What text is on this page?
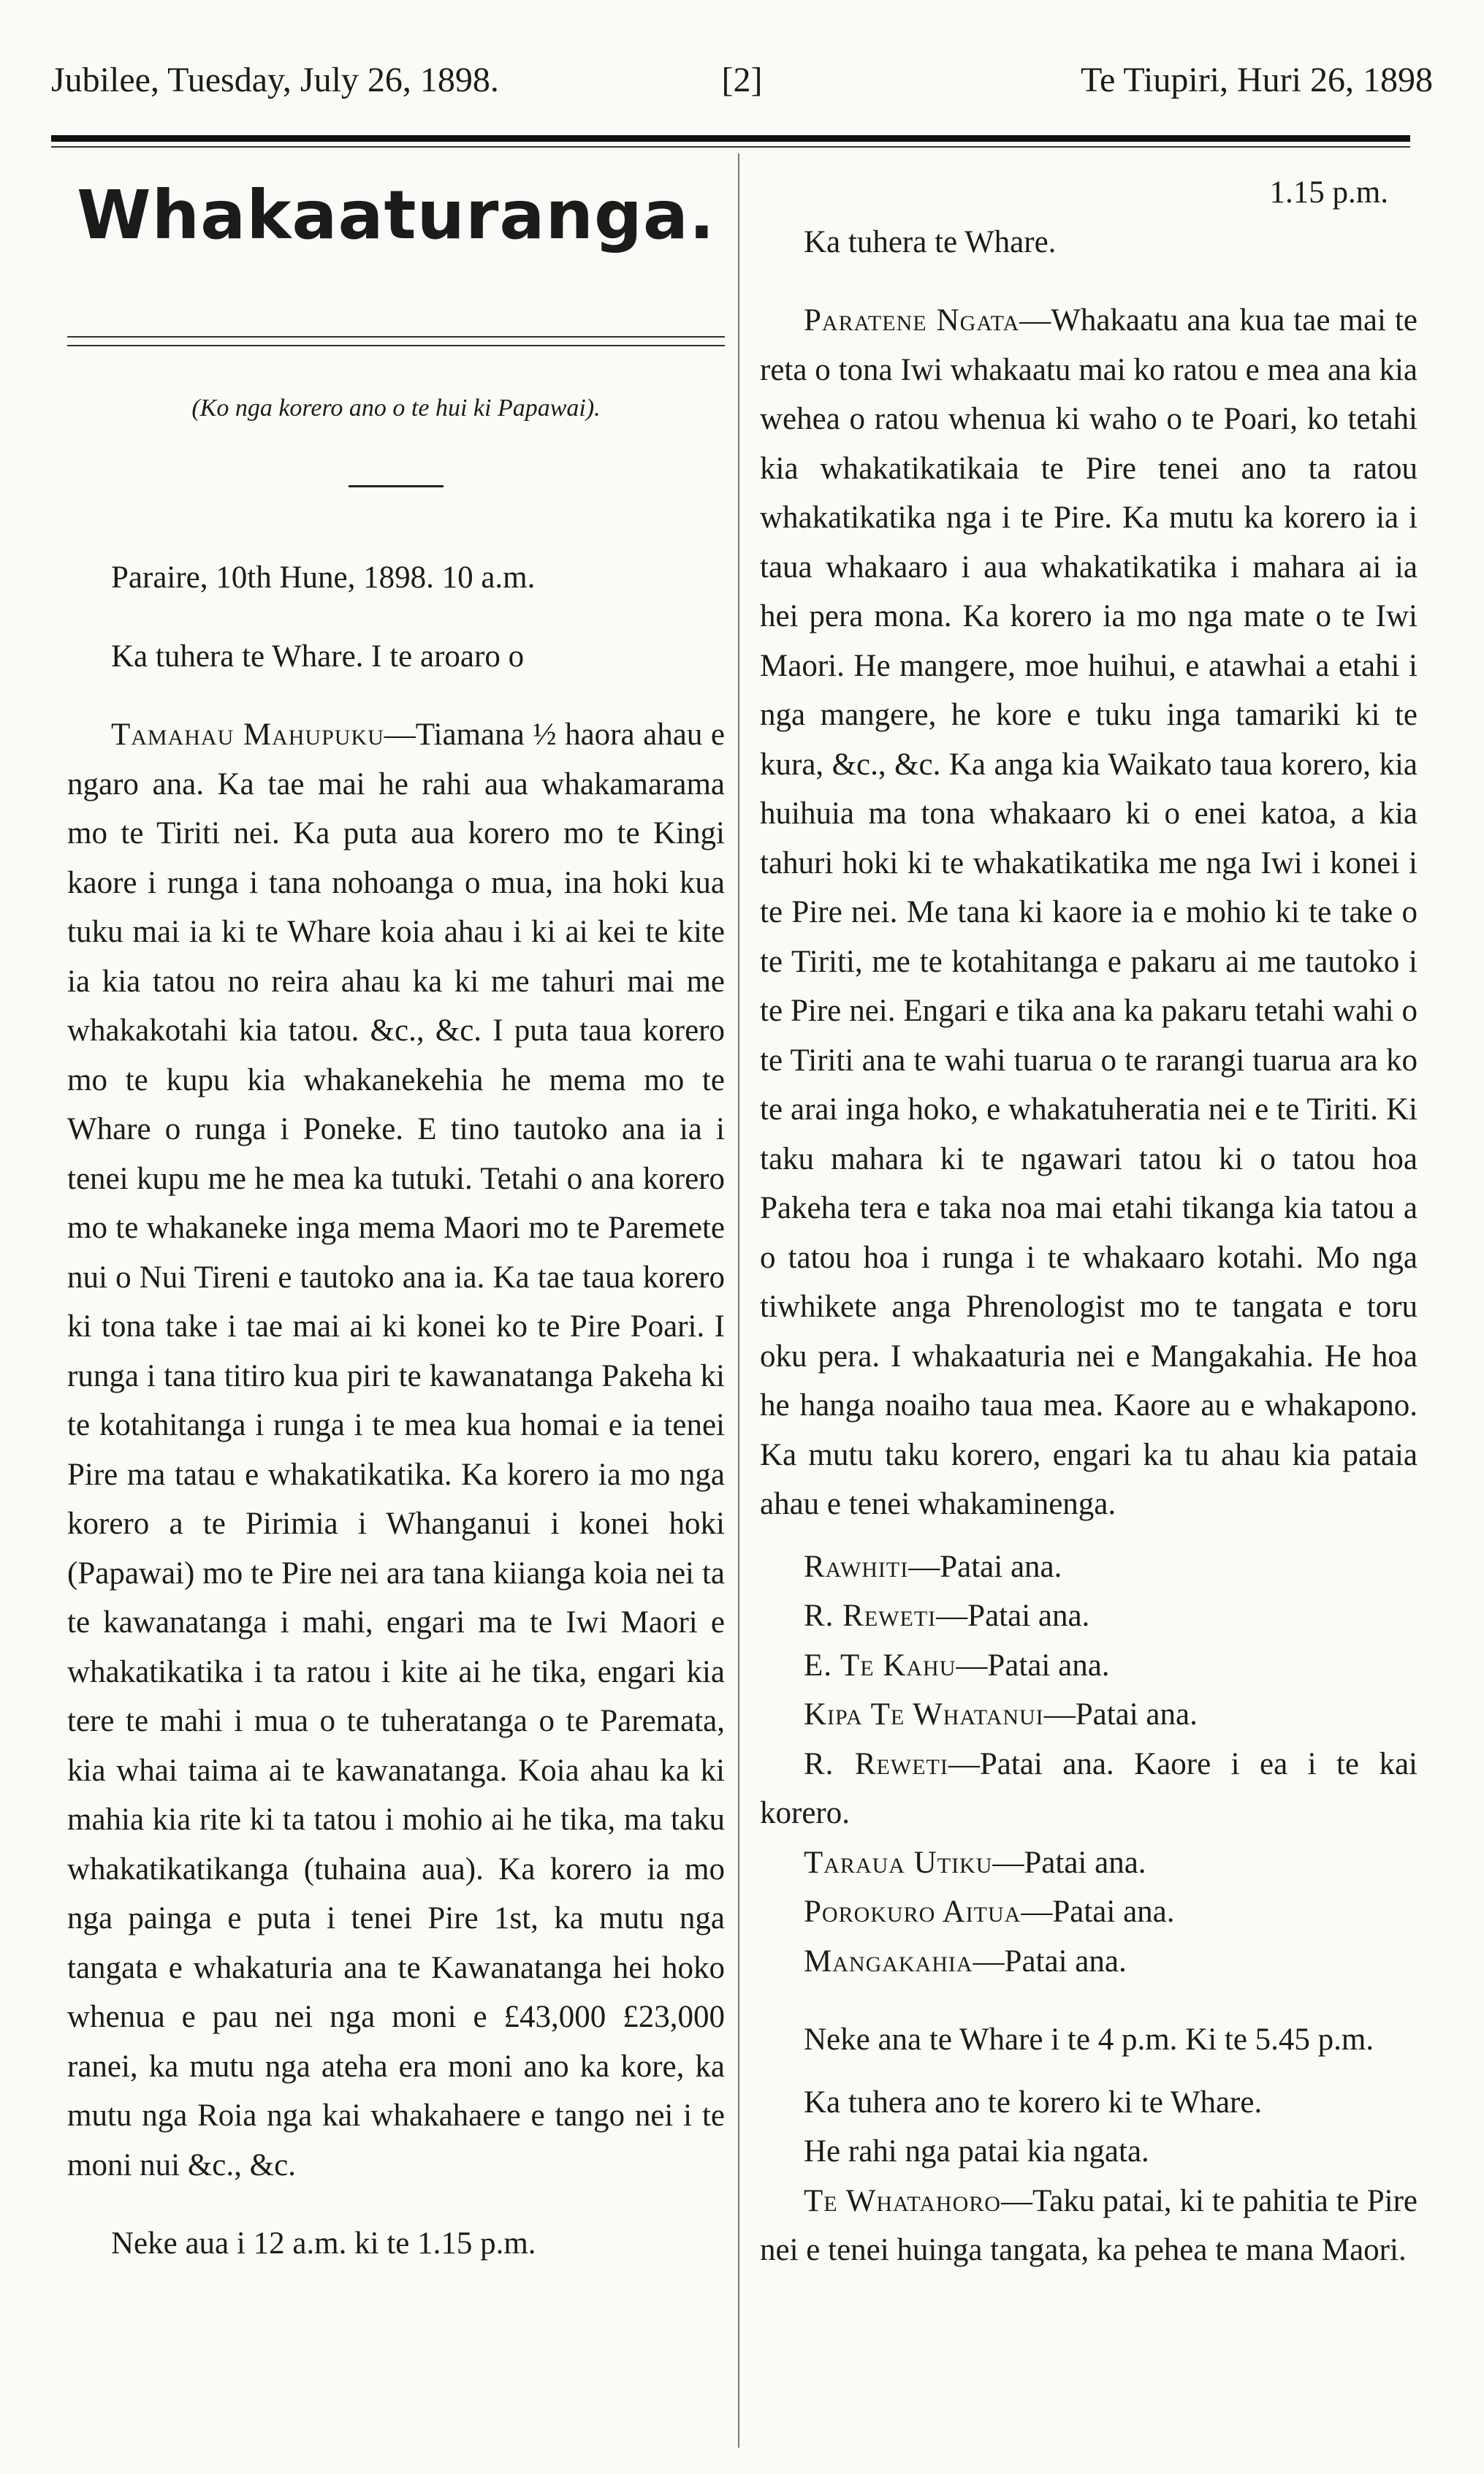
Jubilee, Tuesday, July 26, 1898.	[2]	Te Tiupiri, Huri 26, 1898
Whakaaturanga.
(Ko nga korero ano o te hui ki Papawai).

Paraire, 10th Hune, 1898. 10 a.m.

Ka tuhera te Whare. I te aroaro o

Tamahau Mahupuku—Tiamana ½ haora ahau e ngaro ana. Ka tae mai he rahi aua whakamarama mo te Tiriti nei. Ka puta aua korero mo te Kingi kaore i runga i tana nohoanga o mua, ina hoki kua tuku mai ia ki te Whare koia ahau i ki ai kei te kite ia kia tatou no reira ahau ka ki me tahuri mai me whakakotahi kia tatou. &c., &c. I puta taua korero mo te kupu kia whakanekehia he mema mo te Whare o runga i Poneke. E tino tautoko ana ia i tenei kupu me he mea ka tutuki. Tetahi o ana korero mo te whakaneke inga mema Maori mo te Paremete nui o Nui Tireni e tautoko ana ia. Ka tae taua korero ki tona take i tae mai ai ki konei ko te Pire Poari. I runga i tana titiro kua piri te kawanatanga Pakeha ki te kotahitanga i runga i te mea kua homai e ia tenei Pire ma tatau e whakatikatika. Ka korero ia mo nga korero a te Pirimia i Whanganui i konei hoki (Papawai) mo te Pire nei ara tana kiianga koia nei ta te kawanatanga i mahi, engari ma te Iwi Maori e whakatikatika i ta ratou i kite ai he tika, engari kia tere te mahi i mua o te tuheratanga o te Paremata, kia whai taima ai te kawanatanga. Koia ahau ka ki mahia kia rite ki ta tatou i mohio ai he tika, ma taku whakatikatikanga (tuhaina aua). Ka korero ia mo nga painga e puta i tenei Pire 1st, ka mutu nga tangata e whakaturia ana te Kawanatanga hei hoko whenua e pau nei nga moni e £43,000 £23,000 ranei, ka mutu nga ateha era moni ano ka kore, ka mutu nga Roia nga kai whakahaere e tango nei i te moni nui &c., &c.

Neke aua i 12 a.m. ki te 1.15 p.m.

1.15 p.m.

Ka tuhera te Whare.

Paratene Ngata—Whakaatu ana kua tae mai te reta o tona Iwi whakaatu mai ko ratou e mea ana kia wehea o ratou whenua ki waho o te Poari, ko tetahi kia whakatikatikaia te Pire tenei ano ta ratou whakatikatika nga i te Pire. Ka mutu ka korero ia i taua whakaaro i aua whakatikatika i mahara ai ia hei pera mona. Ka korero ia mo nga mate o te Iwi Maori. He mangere, moe huihui, e atawhai a etahi i nga mangere, he kore e tuku inga tamariki ki te kura, &c., &c. Ka anga kia Waikato taua korero, kia huihuia ma tona whakaaro ki o enei katoa, a kia tahuri hoki ki te whakatikatika me nga Iwi i konei i te Pire nei. Me tana ki kaore ia e mohio ki te take o te Tiriti, me te kotahitanga e pakaru ai me tautoko i te Pire nei. Engari e tika ana ka pakaru tetahi wahi o te Tiriti ana te wahi tuarua o te rarangi tuarua ara ko te arai inga hoko, e whakatuheratia nei e te Tiriti. Ki taku mahara ki te ngawari tatou ki o tatou hoa Pakeha tera e taka noa mai etahi tikanga kia tatou a o tatou hoa i runga i te whakaaro kotahi. Mo nga tiwhikete anga Phrenologist mo te tangata e toru oku pera. I whakaaturia nei e Mangakahia. He hoa he hanga noaiho taua mea. Kaore au e whakapono. Ka mutu taku korero, engari ka tu ahau kia pataia ahau e tenei whakaminenga.

Rawhiti—Patai ana.

R. Reweti—Patai ana.

E. Te Kahu—Patai ana.

Kipa Te Whatanui—Patai ana.

R. Reweti—Patai ana. Kaore i ea i te kai korero.

Taraua Utiku—Patai ana.

Porokuro Aitua—Patai ana.

Mangakahia—Patai ana.

Neke ana te Whare i te 4 p.m. Ki te 5.45 p.m.

Ka tuhera ano te korero ki te Whare.

He rahi nga patai kia ngata.

Te Whatahoro—Taku patai, ki te pahitia te Pire nei e tenei huinga tangata, ka pehea te mana Maori.
